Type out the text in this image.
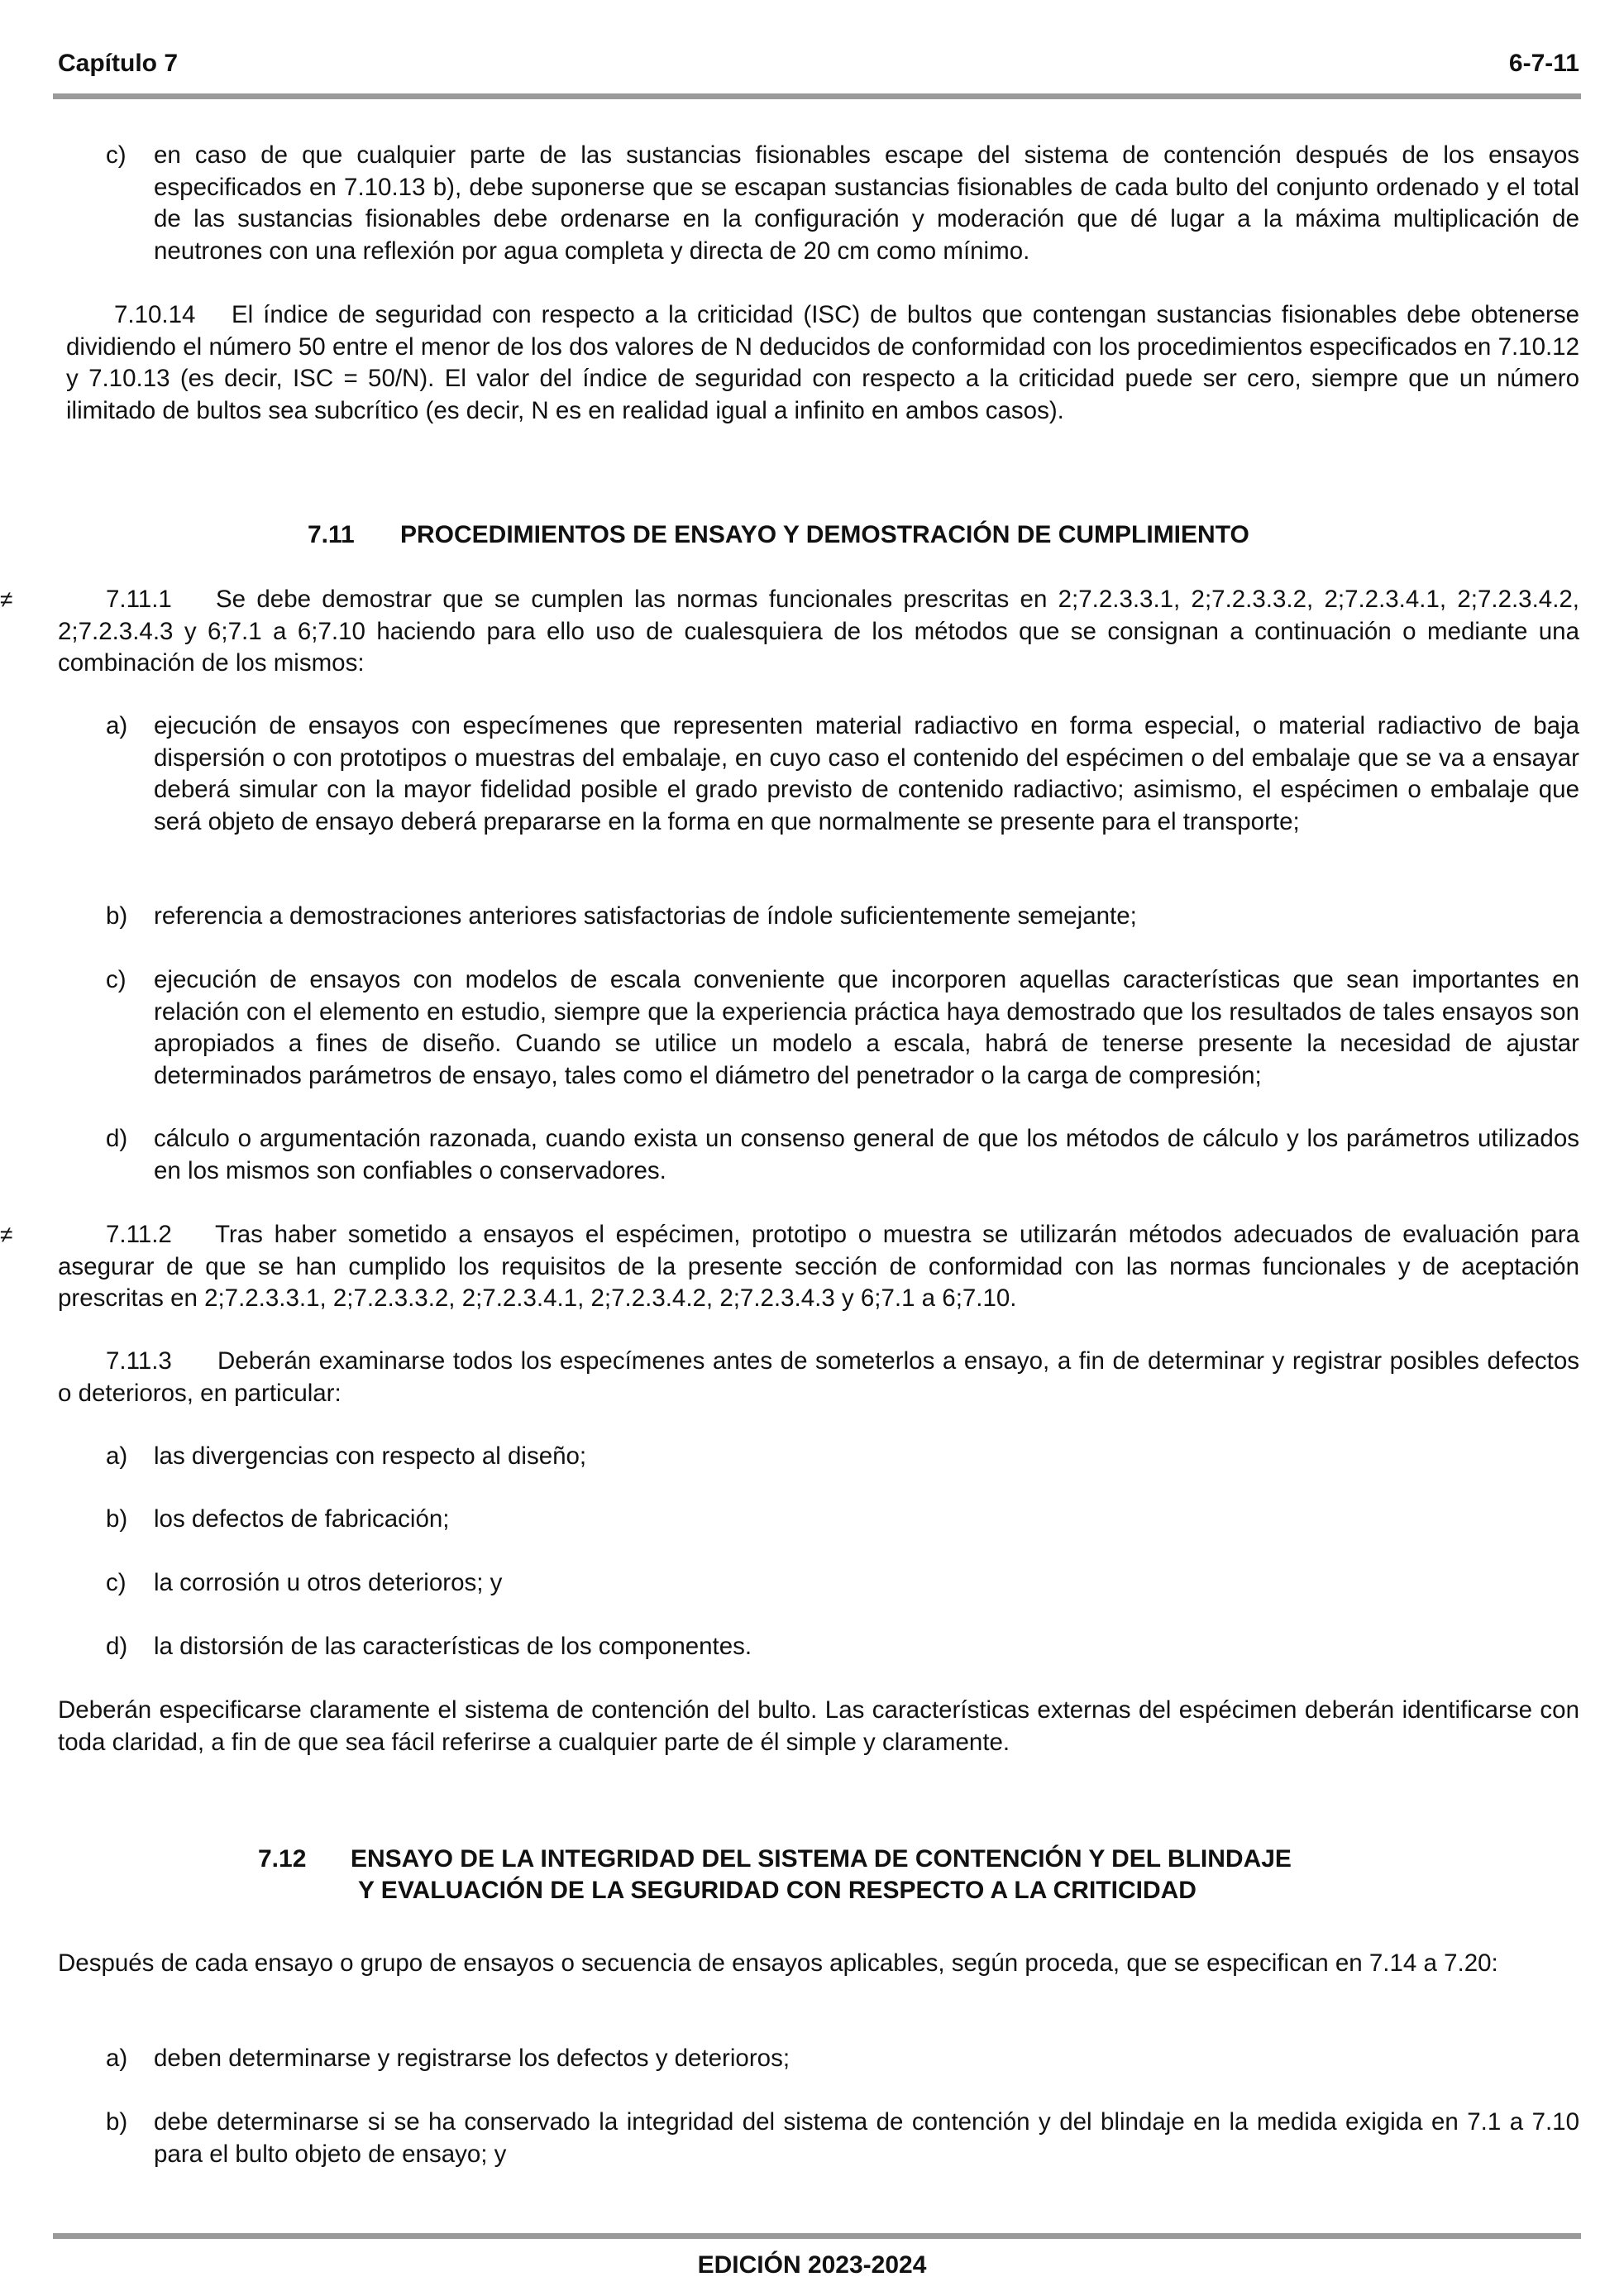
Capítulo 7	6-7-11
c) en caso de que cualquier parte de las sustancias fisionables escape del sistema de contención después de los ensayos especificados en 7.10.13 b), debe suponerse que se escapan sustancias fisionables de cada bulto del conjunto ordenado y el total de las sustancias fisionables debe ordenarse en la configuración y moderación que dé lugar a la máxima multiplicación de neutrones con una reflexión por agua completa y directa de 20 cm como mínimo.

7.10.14 El índice de seguridad con respecto a la criticidad (ISC) de bultos que contengan sustancias fisionables debe obtenerse dividiendo el número 50 entre el menor de los dos valores de N deducidos de conformidad con los procedimientos especificados en 7.10.12 y 7.10.13 (es decir, ISC = 50/N). El valor del índice de seguridad con respecto a la criticidad puede ser cero, siempre que un número ilimitado de bultos sea subcrítico (es decir, N es en realidad igual a infinito en ambos casos).

7.11 PROCEDIMIENTOS DE ENSAYO Y DEMOSTRACIÓN DE CUMPLIMIENTO
≠	7.11.1 Se debe demostrar que se cumplen las normas funcionales prescritas en 2;7.2.3.3.1, 2;7.2.3.3.2, 2;7.2.3.4.1, 2;7.2.3.4.2, 2;7.2.3.4.3 y 6;7.1 a 6;7.10 haciendo para ello uso de cualesquiera de los métodos que se consignan a continuación o mediante una combinación de los mismos:

a) ejecución de ensayos con especímenes que representen material radiactivo en forma especial, o material radiactivo de baja dispersión o con prototipos o muestras del embalaje, en cuyo caso el contenido del espécimen o del embalaje que se va a ensayar deberá simular con la mayor fidelidad posible el grado previsto de contenido radiactivo; asimismo, el espécimen o embalaje que será objeto de ensayo deberá prepararse en la forma en que normalmente se presente para el transporte;
b) referencia a demostraciones anteriores satisfactorias de índole suficientemente semejante;
c) ejecución de ensayos con modelos de escala conveniente que incorporen aquellas características que sean importantes en relación con el elemento en estudio, siempre que la experiencia práctica haya demostrado que los resultados de tales ensayos son apropiados a fines de diseño. Cuando se utilice un modelo a escala, habrá de tenerse presente la necesidad de ajustar determinados parámetros de ensayo, tales como el diámetro del penetrador o la carga de compresión;
d) cálculo o argumentación razonada, cuando exista un consenso general de que los métodos de cálculo y los parámetros utilizados en los mismos son confiables o conservadores.
≠	7.11.2 Tras haber sometido a ensayos el espécimen, prototipo o muestra se utilizarán métodos adecuados de evaluación para asegurar de que se han cumplido los requisitos de la presente sección de conformidad con las normas funcionales y de aceptación prescritas en 2;7.2.3.3.1, 2;7.2.3.3.2, 2;7.2.3.4.1, 2;7.2.3.4.2, 2;7.2.3.4.3 y 6;7.1 a 6;7.10.

7.11.3 Deberán examinarse todos los especímenes antes de someterlos a ensayo, a fin de determinar y registrar posibles defectos o deterioros, en particular:

a) las divergencias con respecto al diseño;
b) los defectos de fabricación;
c) la corrosión u otros deterioros; y
d) la distorsión de las características de los componentes.

Deberán especificarse claramente el sistema de contención del bulto. Las características externas del espécimen deberán identificarse con toda claridad, a fin de que sea fácil referirse a cualquier parte de él simple y claramente.

7.12 ENSAYO DE LA INTEGRIDAD DEL SISTEMA DE CONTENCIÓN Y DEL BLINDAJE
Y EVALUACIÓN DE LA SEGURIDAD CON RESPECTO A LA CRITICIDAD

Después de cada ensayo o grupo de ensayos o secuencia de ensayos aplicables, según proceda, que se especifican en 7.14 a 7.20:

a) deben determinarse y registrarse los defectos y deterioros;
b) debe determinarse si se ha conservado la integridad del sistema de contención y del blindaje en la medida exigida en 7.1 a 7.10 para el bulto objeto de ensayo; y
EDICIÓN 2023-2024
